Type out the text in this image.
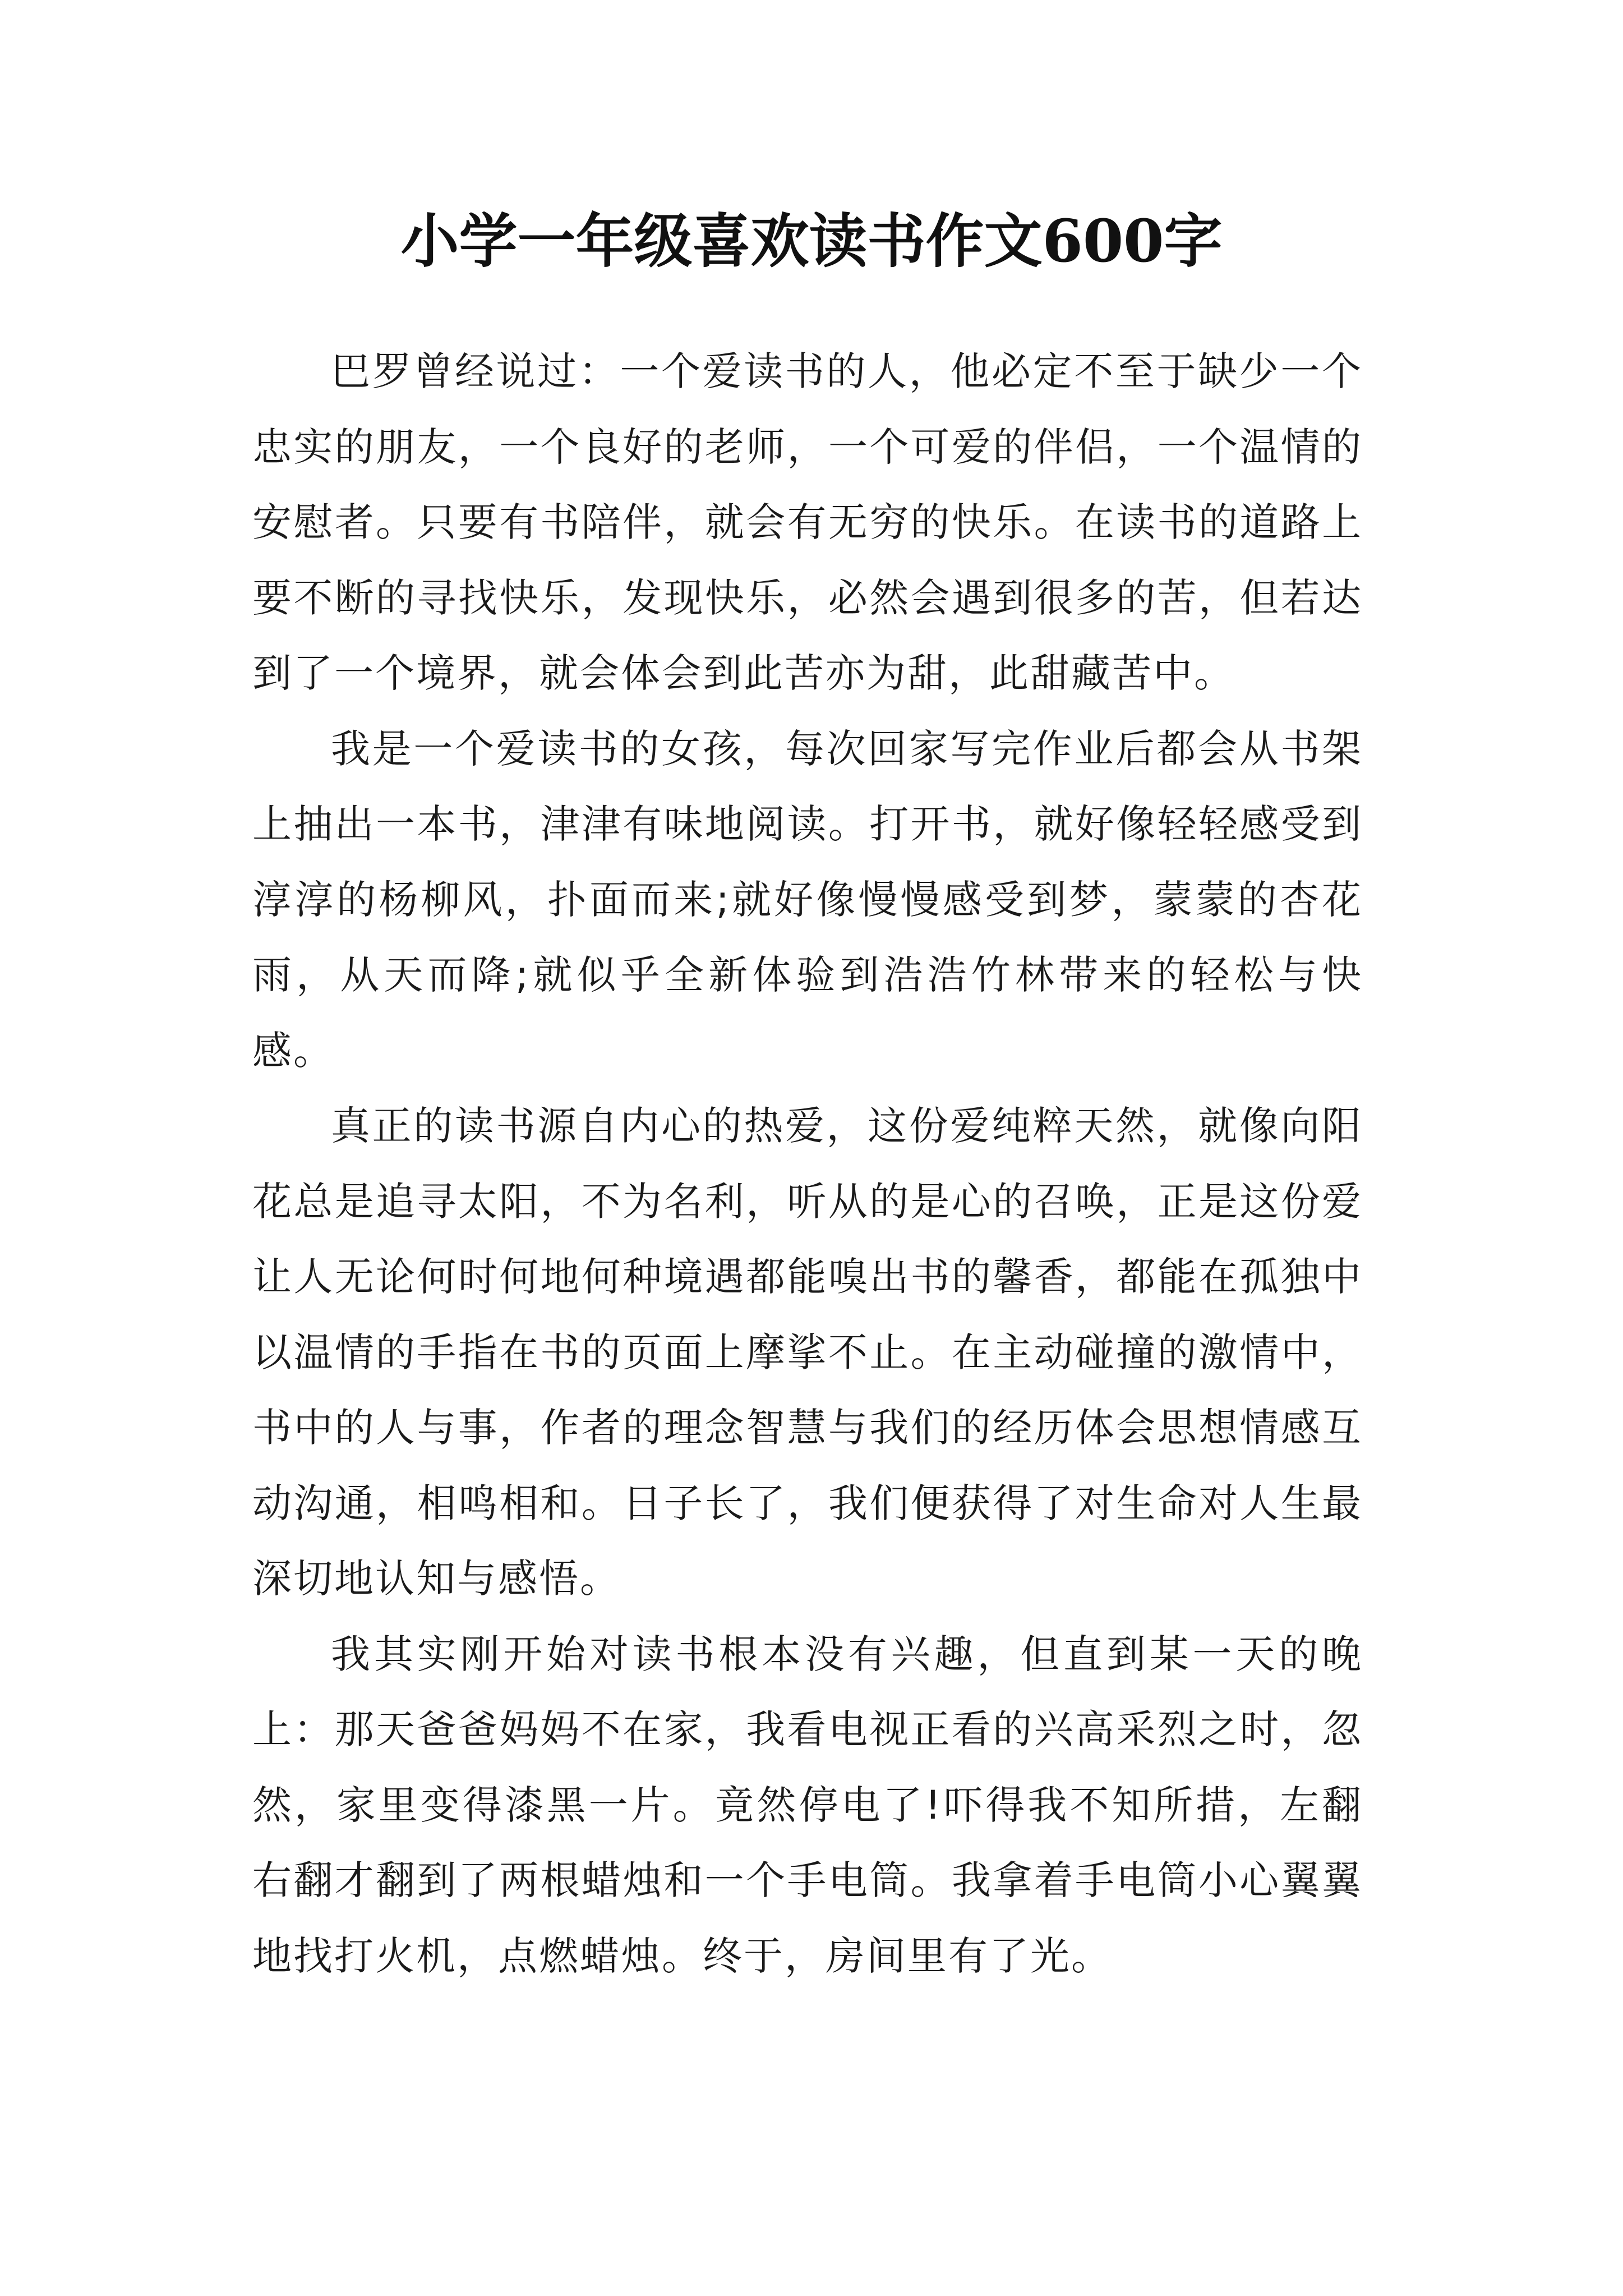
小学一年级喜欢读书作文600字

巴罗曾经说过：一个爱读书的人，他必定不至于缺少一个忠实的朋友，一个良好的老师，一个可爱的伴侣，一个温情的安慰者。只要有书陪伴，就会有无穷的快乐。在读书的道路上要不断的寻找快乐，发现快乐，必然会遇到很多的苦，但若达到了一个境界，就会体会到此苦亦为甜，此甜藏苦中。

我是一个爱读书的女孩，每次回家写完作业后都会从书架上抽出一本书，津津有味地阅读。打开书，就好像轻轻感受到淳淳的杨柳风，扑面而来;就好像慢慢感受到梦，蒙蒙的杏花雨，从天而降;就似乎全新体验到浩浩竹林带来的轻松与快感。

真正的读书源自内心的热爱，这份爱纯粹天然，就像向阳花总是追寻太阳，不为名利，听从的是心的召唤，正是这份爱让人无论何时何地何种境遇都能嗅出书的馨香，都能在孤独中以温情的手指在书的页面上摩挲不止。在主动碰撞的激情中，书中的人与事，作者的理念智慧与我们的经历体会思想情感互动沟通，相鸣相和。日子长了，我们便获得了对生命对人生最深切地认知与感悟。

我其实刚开始对读书根本没有兴趣，但直到某一天的晚上：那天爸爸妈妈不在家，我看电视正看的兴高采烈之时，忽然，家里变得漆黑一片。竟然停电了!吓得我不知所措，左翻右翻才翻到了两根蜡烛和一个手电筒。我拿着手电筒小心翼翼地找打火机，点燃蜡烛。终于，房间里有了光。
